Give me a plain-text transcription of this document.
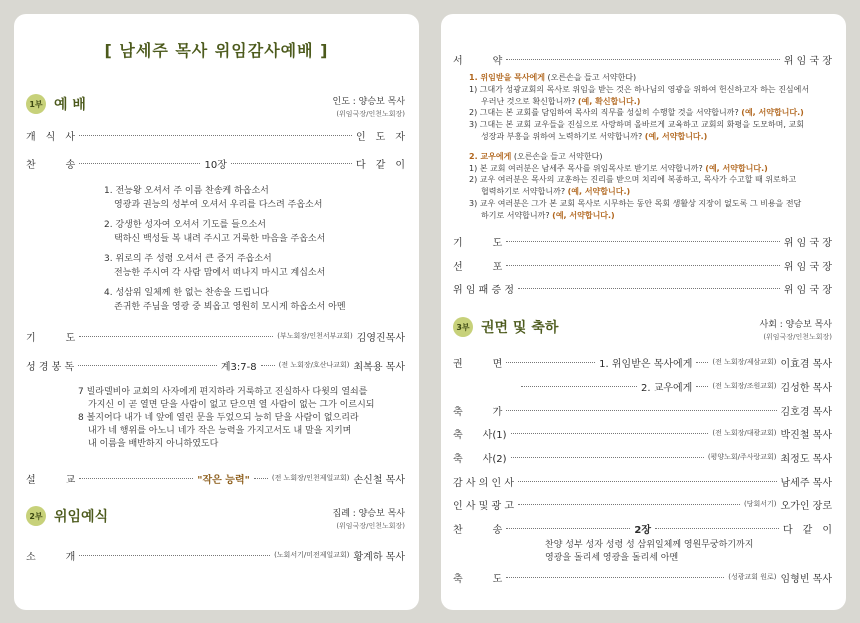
[ 남세주 목사 위임감사예배 ]
1부 예 배	인도 : 양승보 목사
(위임국장/인천노회장)
개　식　사	인　도　자
찬　　　송	10장	다　같　이
1. 전능왕 오셔서 주 이름 찬송케 하옵소서
영광과 권능의 성부여 오셔서 우리를 다스려 주옵소서
2. 강생한 성자여 오셔서 기도를 들으소서
택하신 백성들 복 내려 주시고 거룩한 마음을 주옵소서
3. 위로의 주 성령 오셔서 큰 증거 주옵소서
전능한 주시여 각 사람 맘에서 떠나지 마시고 계십소서
4. 성삼위 일체께 한 없는 찬송을 드립니다
존귀한 주님을 영광 중 뵈옵고 영원히 모시게 하옵소서 아멘
기　　　도	(부노회장/인천서부교회) 김영진목사
성 경 봉 독	계3:7-8	(전 노회장/호산나교회) 최복용 목사
7 빌라델비아 교회의 사자에게 편지하라 거룩하고 진실하사 다윗의 열쇠를
가지신 이 곧 열면 닫을 사람이 없고 닫으면 열 사람이 없는 그가 이르시되
8 볼지어다 내가 네 앞에 열린 문을 두었으되 능히 닫을 사람이 없으리라
내가 네 행위를 아노니 네가 작은 능력을 가지고서도 내 말을 지키며
내 이름을 배반하지 아니하였도다
설　　　교	"작은 능력"	(전 노회장/인천제일교회) 손신철 목사
2부 위임예식	집례 : 양승보 목사
(위임국장/인천노회장)
소　　　개	(노회서기/미전제일교회) 황계하 목사
서　　　약	위 임 국 장
1. 위임받을 목사에게 (오른손을 들고 서약한다)
1) 그대가 성광교회의 목사로 위임을 받는 것은 하나님의 영광을 위하여 헌신하고자 하는 진심에서
우러난 것으로 확신합니까? (예, 확신합니다.)
2) 그대는 본 교회를 담임하여 목사의 직무를 성실히 수행할 것을 서약합니까? (예, 서약합니다.)
3) 그대는 본 교회 교우들을 진심으로 사랑하며 올바르게 교육하고 교회의 화평을 도모하며, 교회
성장과 부흥을 위하여 노력하기로 서약합니까? (예, 서약합니다.)
2. 교우에게 (오른손을 들고 서약한다)
1) 본 교회 여러분은 남세주 목사를 위임목사로 받기로 서약합니까? (예, 서약합니다.)
2) 교우 여러분은 목사의 교훈하는 진리를 받으며 치리에 복종하고, 목사가 수고할 때 위로하고
협력하기로 서약합니까? (예, 서약합니다.)
3) 교우 여러분은 그가 본 교회 목사로 시무하는 동안 목회 생활상 지장이 없도록 그 비용을 전담
하기로 서약합니까? (예, 서약합니다.)
기　　　도	위 임 국 장
선　　　포	위 임 국 장
위 임 패 증 정	위 임 국 장
3부 권면 및 축하	사회 : 양승보 목사
(위임국장/인천노회장)
권　　　면	1. 위임받은 목사에게	(전 노회장/제삼교회) 이효겸 목사
2. 교우에게	(전 노회장/조원교회) 김성한 목사
축　　　가	김호경 목사
축　　사(1)	(전 노회장/대광교회) 박진철 목사
축　　사(2)	(평양노회/주사랑교회) 최정도 목사
감 사 의 인 사	남세주 목사
인 사 및 광 고	(당회서기) 오가인 장로
찬　　　송	2장	다　같　이
찬양 성부 성자 성령 성 삼위일체께 영원무궁하기까지
영광을 돌리세 영광을 돌리세 아멘
축　　　도	(성광교회 원로) 임형빈 목사
